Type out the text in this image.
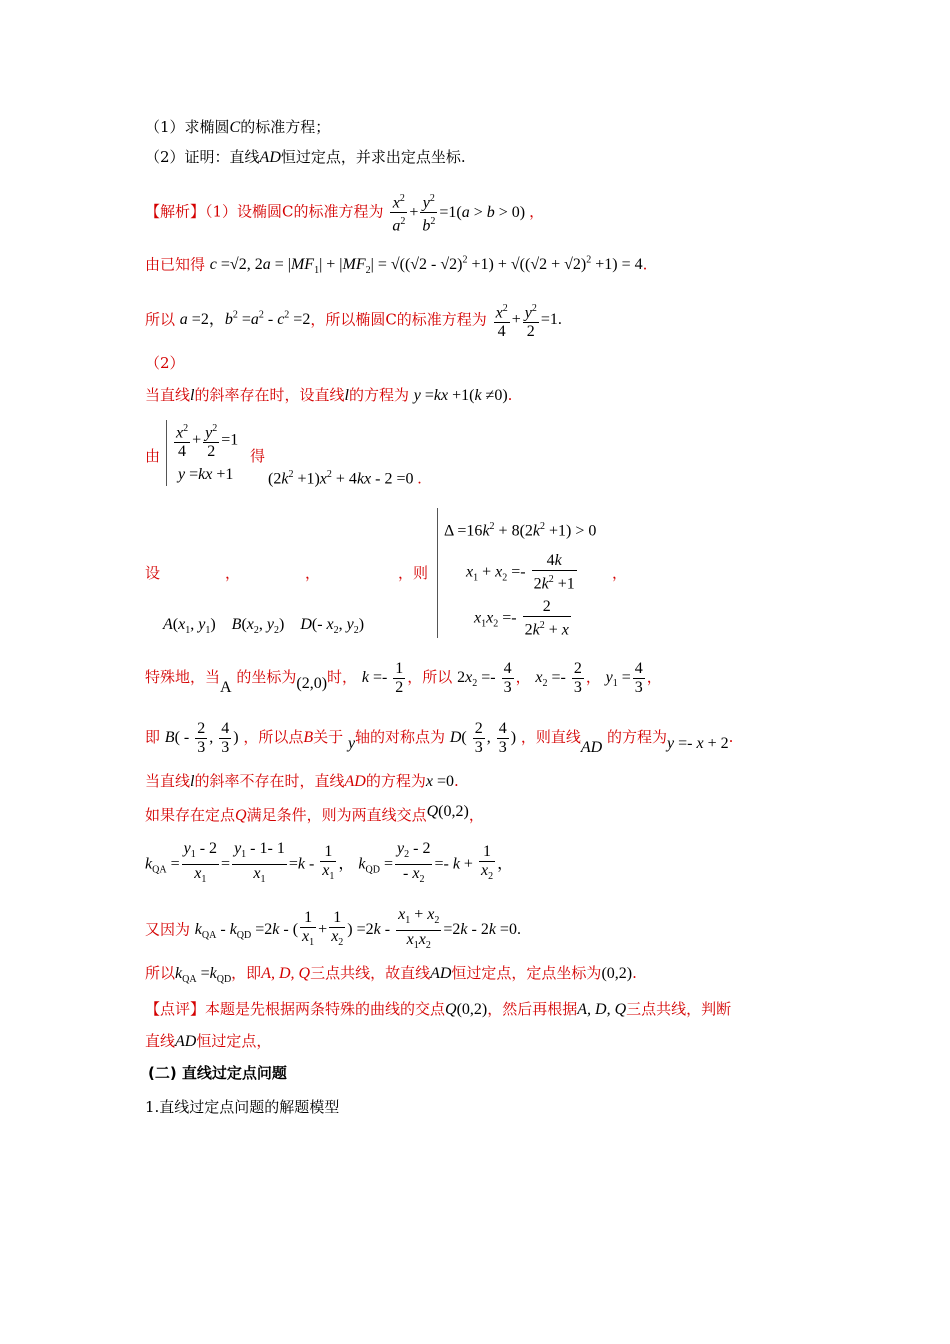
（1）求椭圆C的标准方程；
（2）证明：直线AD恒过定点，并求出定点坐标.
【解析】（1）设椭圆C的标准方程为 $\frac{x^2}{a^2} + \frac{y^2}{b^2} =1(a > b > 0)$ ，
由已知得 c =√2, $2a = |MF_1| + |MF_2| = √((√2 - √2)^2 +1) + √((√2 + √2)^2 +1) = 4$.
所以 a =2，$b^2 =a^2 - c^2 =2$，所以椭圆C的标准方程为 $\frac{x^2}{4} + \frac{y^2}{2} =1$.
（2）
当直线l的斜率存在时，设直线l的方程为 y =kx +1(k ≠0).
由 $\frac{x^2}{4} + \frac{y^2}{2} =1$
y =kx +1
得
$(2k^2 +1)x^2 + 4kx - 2 =0$ .
设	，	，	，则	，
$A(x_1$, $y_1$)    $B(x_2$, $y_2$)    D(- $x_2$, $y_2$)
$\Delta =16k^2 + 8(2k^2 +1) > 0$
$x_1 + x_2 =- \frac{4k}{2k^2 +1}$
$x_1x_2 =- \frac{2}{2k^2 + x}$
特殊地，当A 的坐标为(2,0)时， $k =- \frac{1}{2}$ ，所以 $2x_2 =- \frac{4}{3}$ ， $x_2 =- \frac{2}{3}$ ， $y_1 = \frac{4}{3}$ ，
即 $B( - \frac{2}{3}$ , $\frac{4}{3}$ ) ，所以点B关于 y轴的对称点为 $D( \frac{2}{3}$ , $\frac{4}{3}$ ) ，则直线AD 的方程为y =- x + 2.
当直线l的斜率不存在时，直线AD的方程为x =0.
如果存在定点Q满足条件，则为两直线交点Q(0,2)，
$k_{QA} = \frac{y_1 - 2}{x_1} = \frac{y_1 - 1- 1}{x_1} =k - \frac{1}{x_1}$ ， $k_{QD} = \frac{y_2 - 2}{- x_2} =- k + \frac{1}{x_2}$ ，
又因为 $k_{QA} - k_{QD} =2k$ - ( $\frac{1}{x_1} + \frac{1}{x_2}$ ) $=2k - \frac{x_1 + x_2}{x_1x_2} =2k - 2k =0$.
所以$k_{QA} =k_{QD}$，即A, D, Q三点共线，故直线AD恒过定点，定点坐标为(0,2).
【点评】本题是先根据两条特殊的曲线的交点Q(0,2)，然后再根据A, D, Q三点共线，判断
直线AD恒过定点，
(二) 直线过定点问题
1.直线过定点问题的解题模型
